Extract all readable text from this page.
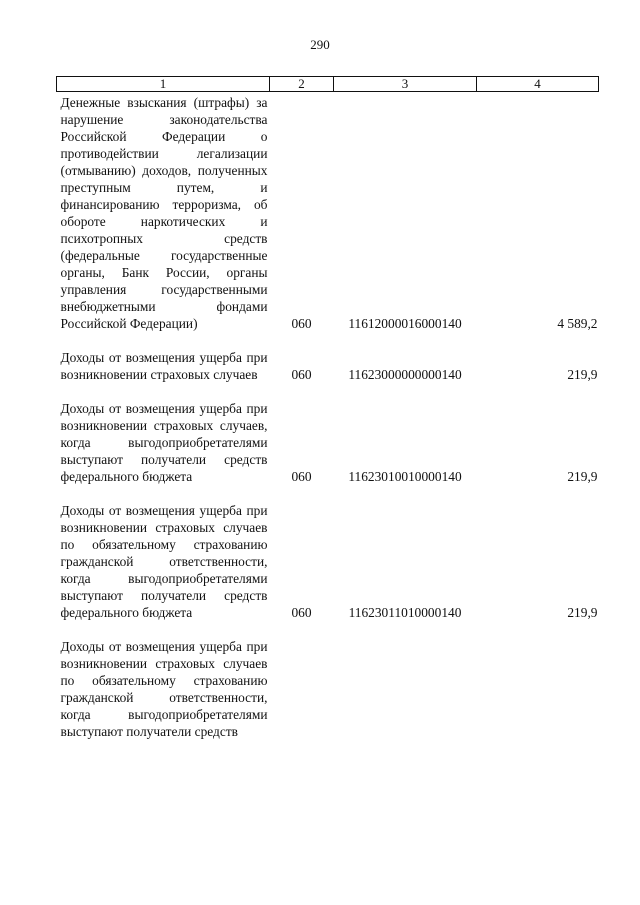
290
1	2	3	4
Денежные взыскания (штрафы) за нарушение законодательства Российской Федерации о противодействии легализации (отмыванию) доходов, полученных преступным путем, и финансированию терроризма, об обороте наркотических и психотропных средств (федеральные государственные органы, Банк России, органы управления государственными внебюджетными фондами Российской Федерации)	060	11612000016000140	4 589,2
Доходы от возмещения ущерба при возникновении страховых случаев	060	11623000000000140	219,9
Доходы от возмещения ущерба при возникновении страховых случаев, когда выгодоприобретателями выступают получатели средств федерального бюджета	060	11623010010000140	219,9
Доходы от возмещения ущерба при возникновении страховых случаев по обязательному страхованию гражданской ответственности, когда выгодоприобретателями выступают получатели средств федерального бюджета	060	11623011010000140	219,9
Доходы от возмещения ущерба при возникновении страховых случаев по обязательному страхованию гражданской ответственности, когда выгодоприобретателями выступают получатели средств			
